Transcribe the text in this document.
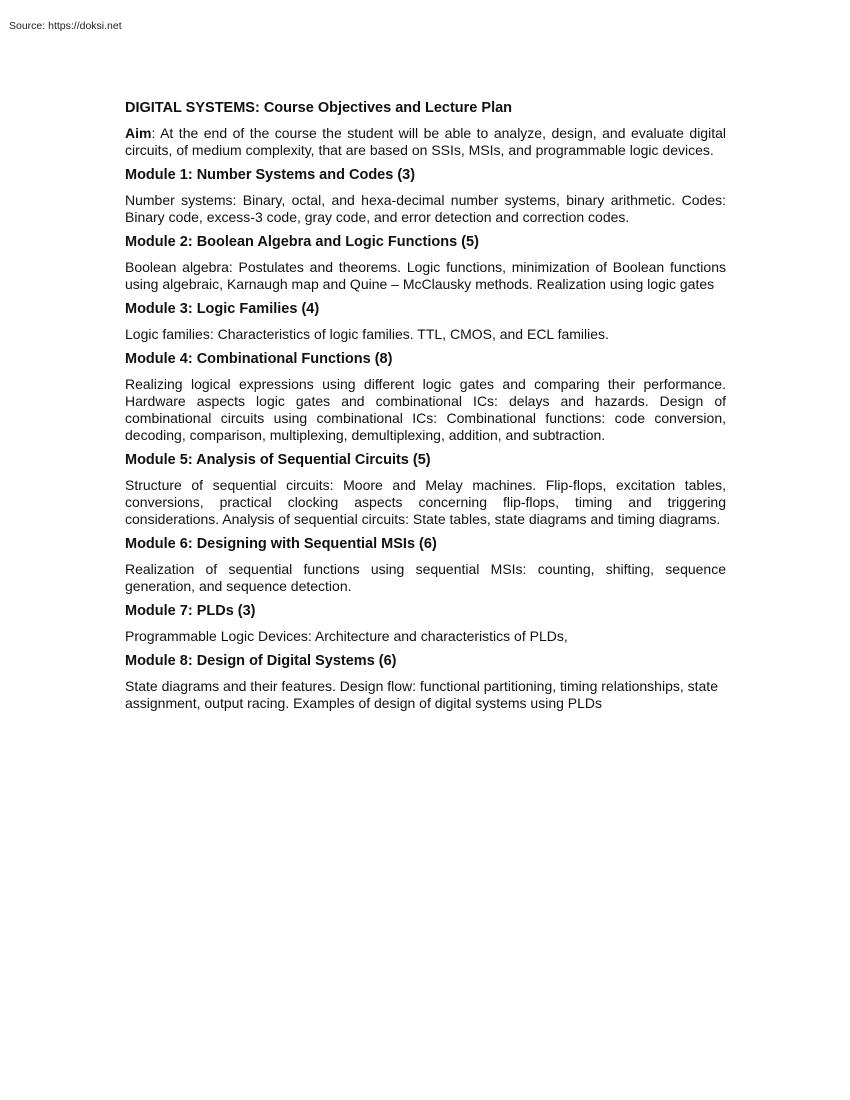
Source: https://doksi.net
DIGITAL SYSTEMS: Course Objectives and Lecture Plan

Aim: At the end of the course the student will be able to analyze, design, and evaluate digital circuits, of medium complexity, that are based on SSIs, MSIs, and programmable logic devices.

Module 1: Number Systems and Codes (3)

Number systems: Binary, octal, and hexa-decimal number systems, binary arithmetic. Codes: Binary code, excess-3 code, gray code, and error detection and correction codes.

Module 2: Boolean Algebra and Logic Functions (5)

Boolean algebra: Postulates and theorems. Logic functions, minimization of Boolean functions using algebraic, Karnaugh map and Quine – McClausky methods. Realization using logic gates

Module 3: Logic Families (4)

Logic families: Characteristics of logic families. TTL, CMOS, and ECL families.

Module 4: Combinational Functions (8)

Realizing logical expressions using different logic gates and comparing their performance. Hardware aspects logic gates and combinational ICs: delays and hazards. Design of combinational circuits using combinational ICs: Combinational functions: code conversion, decoding, comparison, multiplexing, demultiplexing, addition, and subtraction.

Module 5: Analysis of Sequential Circuits (5)

Structure of sequential circuits: Moore and Melay machines. Flip-flops, excitation tables, conversions, practical clocking aspects concerning flip-flops, timing and triggering considerations. Analysis of sequential circuits: State tables, state diagrams and timing diagrams.

Module 6: Designing with Sequential MSIs (6)

Realization of sequential functions using sequential MSIs: counting, shifting, sequence generation, and sequence detection.

Module 7: PLDs (3)

Programmable Logic Devices: Architecture and characteristics of PLDs,

Module 8: Design of Digital Systems (6)

State diagrams and their features. Design flow: functional partitioning, timing relationships, state assignment, output racing. Examples of design of digital systems using PLDs
